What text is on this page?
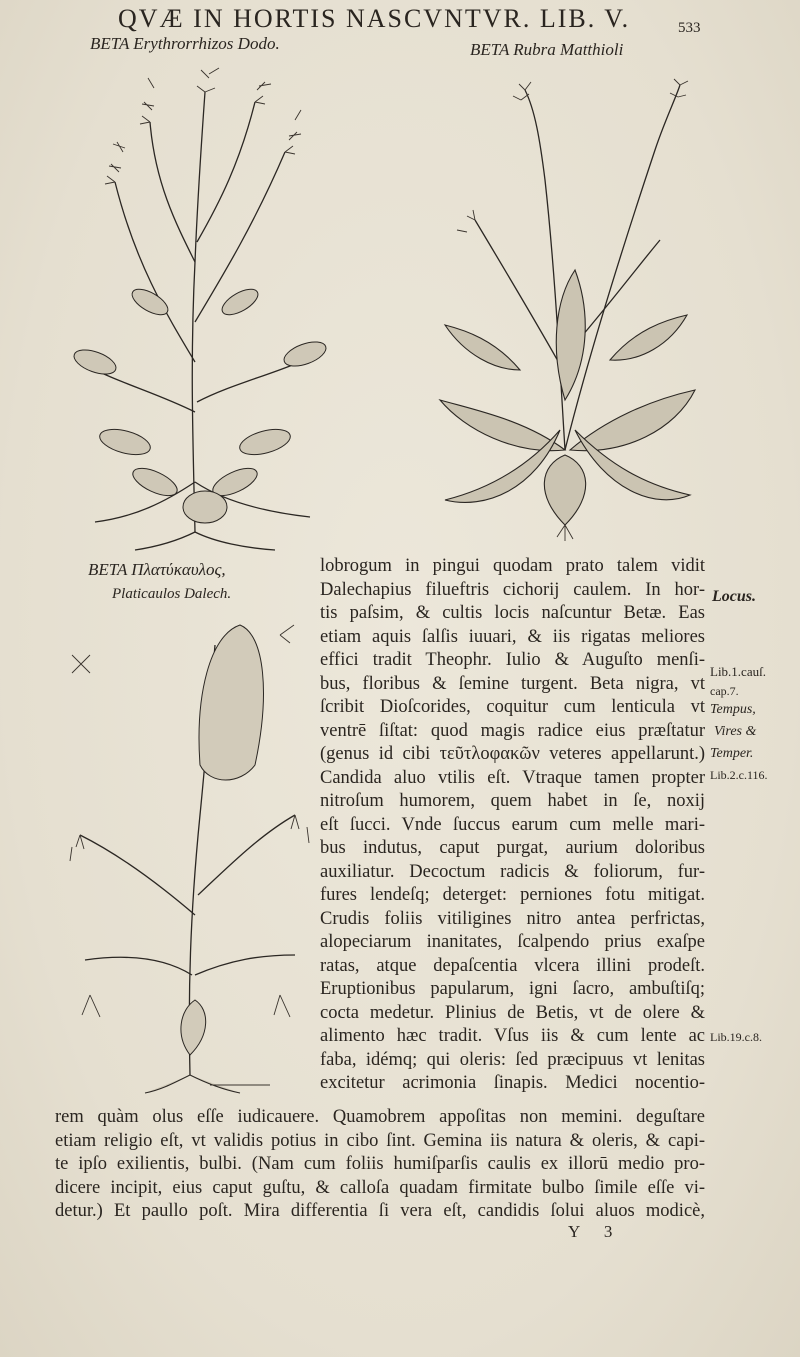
QVÆ IN HORTIS NASCVNTVR. LIB. V.	533
BETA Erythrorrhizos Dodo.	BETA Rubra Matthioli
BETA Πλατύκαυλος,
Platicaulos Dalech.
lobrogum in pingui quodam prato talem vidit
Dalechapius filueftris cichorij caulem. In hor-
tis paſsim, & cultis locis naſcuntur Betæ. Eas
etiam aquis ſalſis iuuari, & iis rigatas meliores
effici tradit Theophr. Iulio & Auguſto menſi-
bus, floribus & ſemine turgent. Beta nigra, vt
ſcribit Dioſcorides, coquitur cum lenticula vt
ventrē ſiſtat: quod magis radice eius præſtatur
(genus id cibi τεῦτλοφακῶν veteres appellarunt.)
Candida aluo vtilis eſt. Vtraque tamen propter
nitroſum humorem, quem habet in ſe, noxij
eſt ſucci. Vnde ſuccus earum cum melle mari-
bus indutus, caput purgat, aurium doloribus
auxiliatur. Decoctum radicis & foliorum, fur-
fures lendeſq; deterget: perniones fotu mitigat.
Crudis foliis vitiligines nitro antea perfrictas,
alopeciarum inanitates, ſcalpendo prius exaſpe
ratas, atque depaſcentia vlcera illini prodeſt.
Eruptionibus papularum, igni ſacro, ambuſtiſq;
cocta medetur. Plinius de Betis, vt de olere &
alimento hæc tradit. Vſus iis & cum lente ac
faba, idémq; qui oleris: ſed præcipuus vt lenitas
excitetur acrimonia ſinapis. Medici nocentio-
rem quàm olus eſſe iudicauere. Quamobrem appoſitas non memini. deguſtare
etiam religio eſt, vt validis potius in cibo ſint. Gemina iis natura & oleris, & capi-
te ipſo exilientis, bulbi. (Nam cum foliis humiſparſis caulis ex illorū medio pro-
dicere incipit, eius caput guſtu, & calloſa quadam firmitate bulbo ſimile eſſe vi-
detur.) Et paullo poſt. Mira differentia ſi vera eſt, candidis ſolui aluos modicè,
Locus.
Lib.1.cauſ.
cap.7.
Tempus,
Vires &
Temper.
Lib.2.c.116.
Lib.19.c.8.
Y 3
